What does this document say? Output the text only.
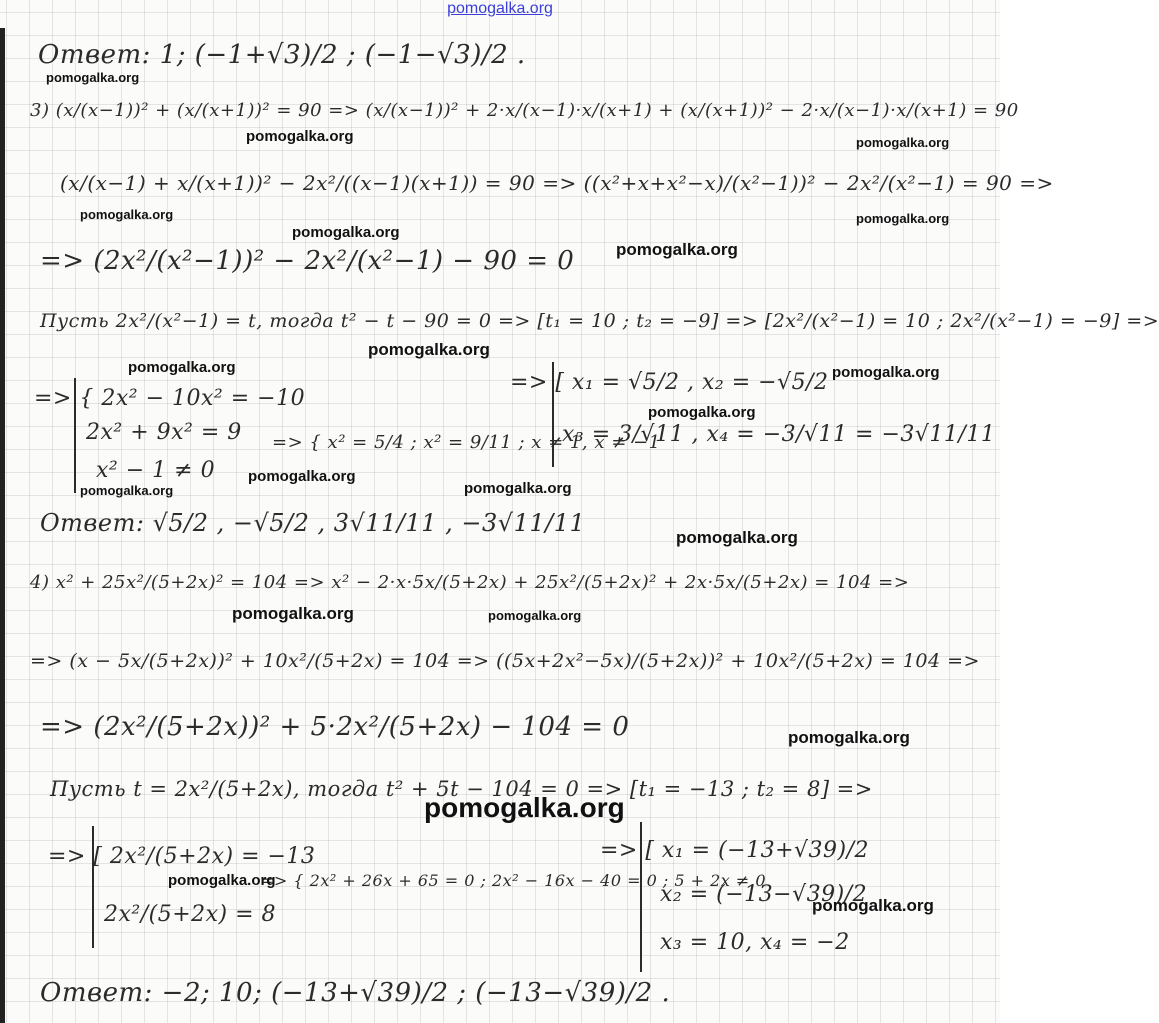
pomogalka.org
Ответ: 1; (−1+√3)/2 ; (−1−√3)/2 .
3) (x/(x−1))² + (x/(x+1))² = 90 => (x/(x−1))² + 2·x/(x−1)·x/(x+1) + (x/(x+1))² − 2·x/(x−1)·x/(x+1) = 90
(x/(x−1) + x/(x+1))² − 2x²/((x−1)(x+1)) = 90 => ((x²+x+x²−x)/(x²−1))² − 2x²/(x²−1) = 90 =>
=> (2x²/(x²−1))² − 2x²/(x²−1) − 90 = 0
Пусть 2x²/(x²−1) = t, тогда t² − t − 90 = 0 => [t₁ = 10 ; t₂ = −9] => [2x²/(x²−1) = 10 ; 2x²/(x²−1) = −9] =>
=> { 2x² − 10x² = −10
2x² + 9x² = 9
x² − 1 ≠ 0
=> { x² = 5/4 ; x² = 9/11 ; x ≠ 1, x ≠ −1
=> [ x₁ = √5/2 , x₂ = −√5/2
x₃ = 3/√11 , x₄ = −3/√11 = −3√11/11
Ответ: √5/2 , −√5/2 , 3√11/11 , −3√11/11
4) x² + 25x²/(5+2x)² = 104 => x² − 2·x·5x/(5+2x) + 25x²/(5+2x)² + 2x·5x/(5+2x) = 104 =>
=> (x − 5x/(5+2x))² + 10x²/(5+2x) = 104 => ((5x+2x²−5x)/(5+2x))² + 10x²/(5+2x) = 104 =>
=> (2x²/(5+2x))² + 5·2x²/(5+2x) − 104 = 0
Пусть t = 2x²/(5+2x), тогда t² + 5t − 104 = 0 => [t₁ = −13 ; t₂ = 8] =>
=> [ 2x²/(5+2x) = −13
2x²/(5+2x) = 8
=> { 2x² + 26x + 65 = 0 ; 2x² − 16x − 40 = 0 ; 5 + 2x ≠ 0
=> [ x₁ = (−13+√39)/2
x₂ = (−13−√39)/2
x₃ = 10, x₄ = −2
Ответ: −2; 10; (−13+√39)/2 ; (−13−√39)/2 .
pomogalka.org
pomogalka.org	pomogalka.org
pomogalka.org	pomogalka.org
pomogalka.org
pomogalka.org
pomogalka.org
pomogalka.org	pomogalka.org
pomogalka.org
pomogalka.org
pomogalka.org	pomogalka.org
pomogalka.org
pomogalka.org	pomogalka.org
pomogalka.org
pomogalka.org
pomogalka.org
pomogalka.org
